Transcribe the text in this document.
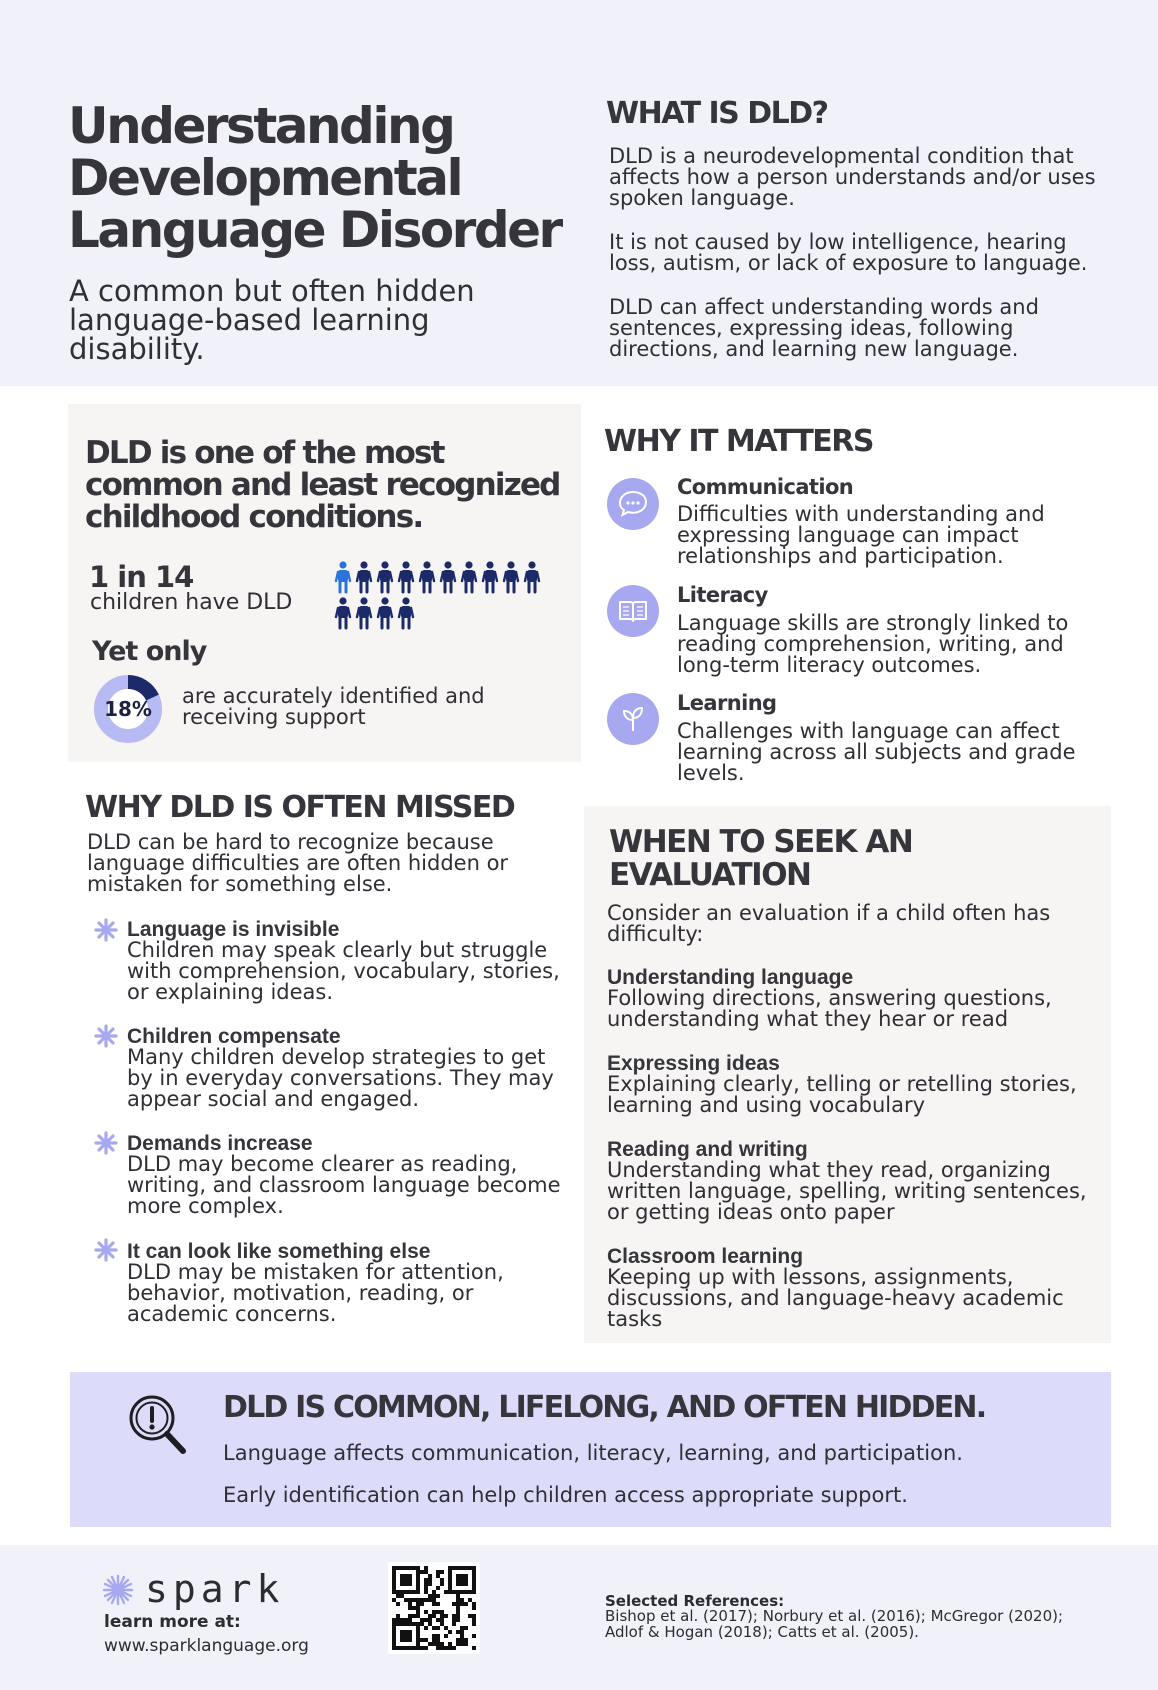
Understanding Developmental Language Disorder
A common but often hidden language-based learning disability.
WHAT IS DLD?
DLD is a neurodevelopmental condition that affects how a person understands and/or uses spoken language.
It is not caused by low intelligence, hearing loss, autism, or lack of exposure to language.
DLD can affect understanding words and sentences, expressing ideas, following directions, and learning new language.
DLD is one of the most common and least recognized childhood conditions.
1 in 14
children have DLD
Yet only
18%
are accurately identified and receiving support
WHY IT MATTERS
Communication
Difficulties with understanding and expressing language can impact relationships and participation.
Literacy
Language skills are strongly linked to reading comprehension, writing, and long-term literacy outcomes.
Learning
Challenges with language can affect learning across all subjects and grade levels.
WHY DLD IS OFTEN MISSED
DLD can be hard to recognize because language difficulties are often hidden or mistaken for something else.
Language is invisible
Children may speak clearly but struggle with comprehension, vocabulary, stories, or explaining ideas.
Children compensate
Many children develop strategies to get by in everyday conversations. They may appear social and engaged.
Demands increase
DLD may become clearer as reading, writing, and classroom language become more complex.
It can look like something else
DLD may be mistaken for attention, behavior, motivation, reading, or academic concerns.
WHEN TO SEEK AN EVALUATION
Consider an evaluation if a child often has difficulty:
Understanding language
Following directions, answering questions, understanding what they hear or read
Expressing ideas
Explaining clearly, telling or retelling stories, learning and using vocabulary
Reading and writing
Understanding what they read, organizing written language, spelling, writing sentences, or getting ideas onto paper
Classroom learning
Keeping up with lessons, assignments, discussions, and language-heavy academic tasks
DLD IS COMMON, LIFELONG, AND OFTEN HIDDEN.
Language affects communication, literacy, learning, and participation.
Early identification can help children access appropriate support.
spark
learn more at:
www.sparklanguage.org
Selected References:
Bishop et al. (2017); Norbury et al. (2016); McGregor (2020); Adlof & Hogan (2018); Catts et al. (2005).
